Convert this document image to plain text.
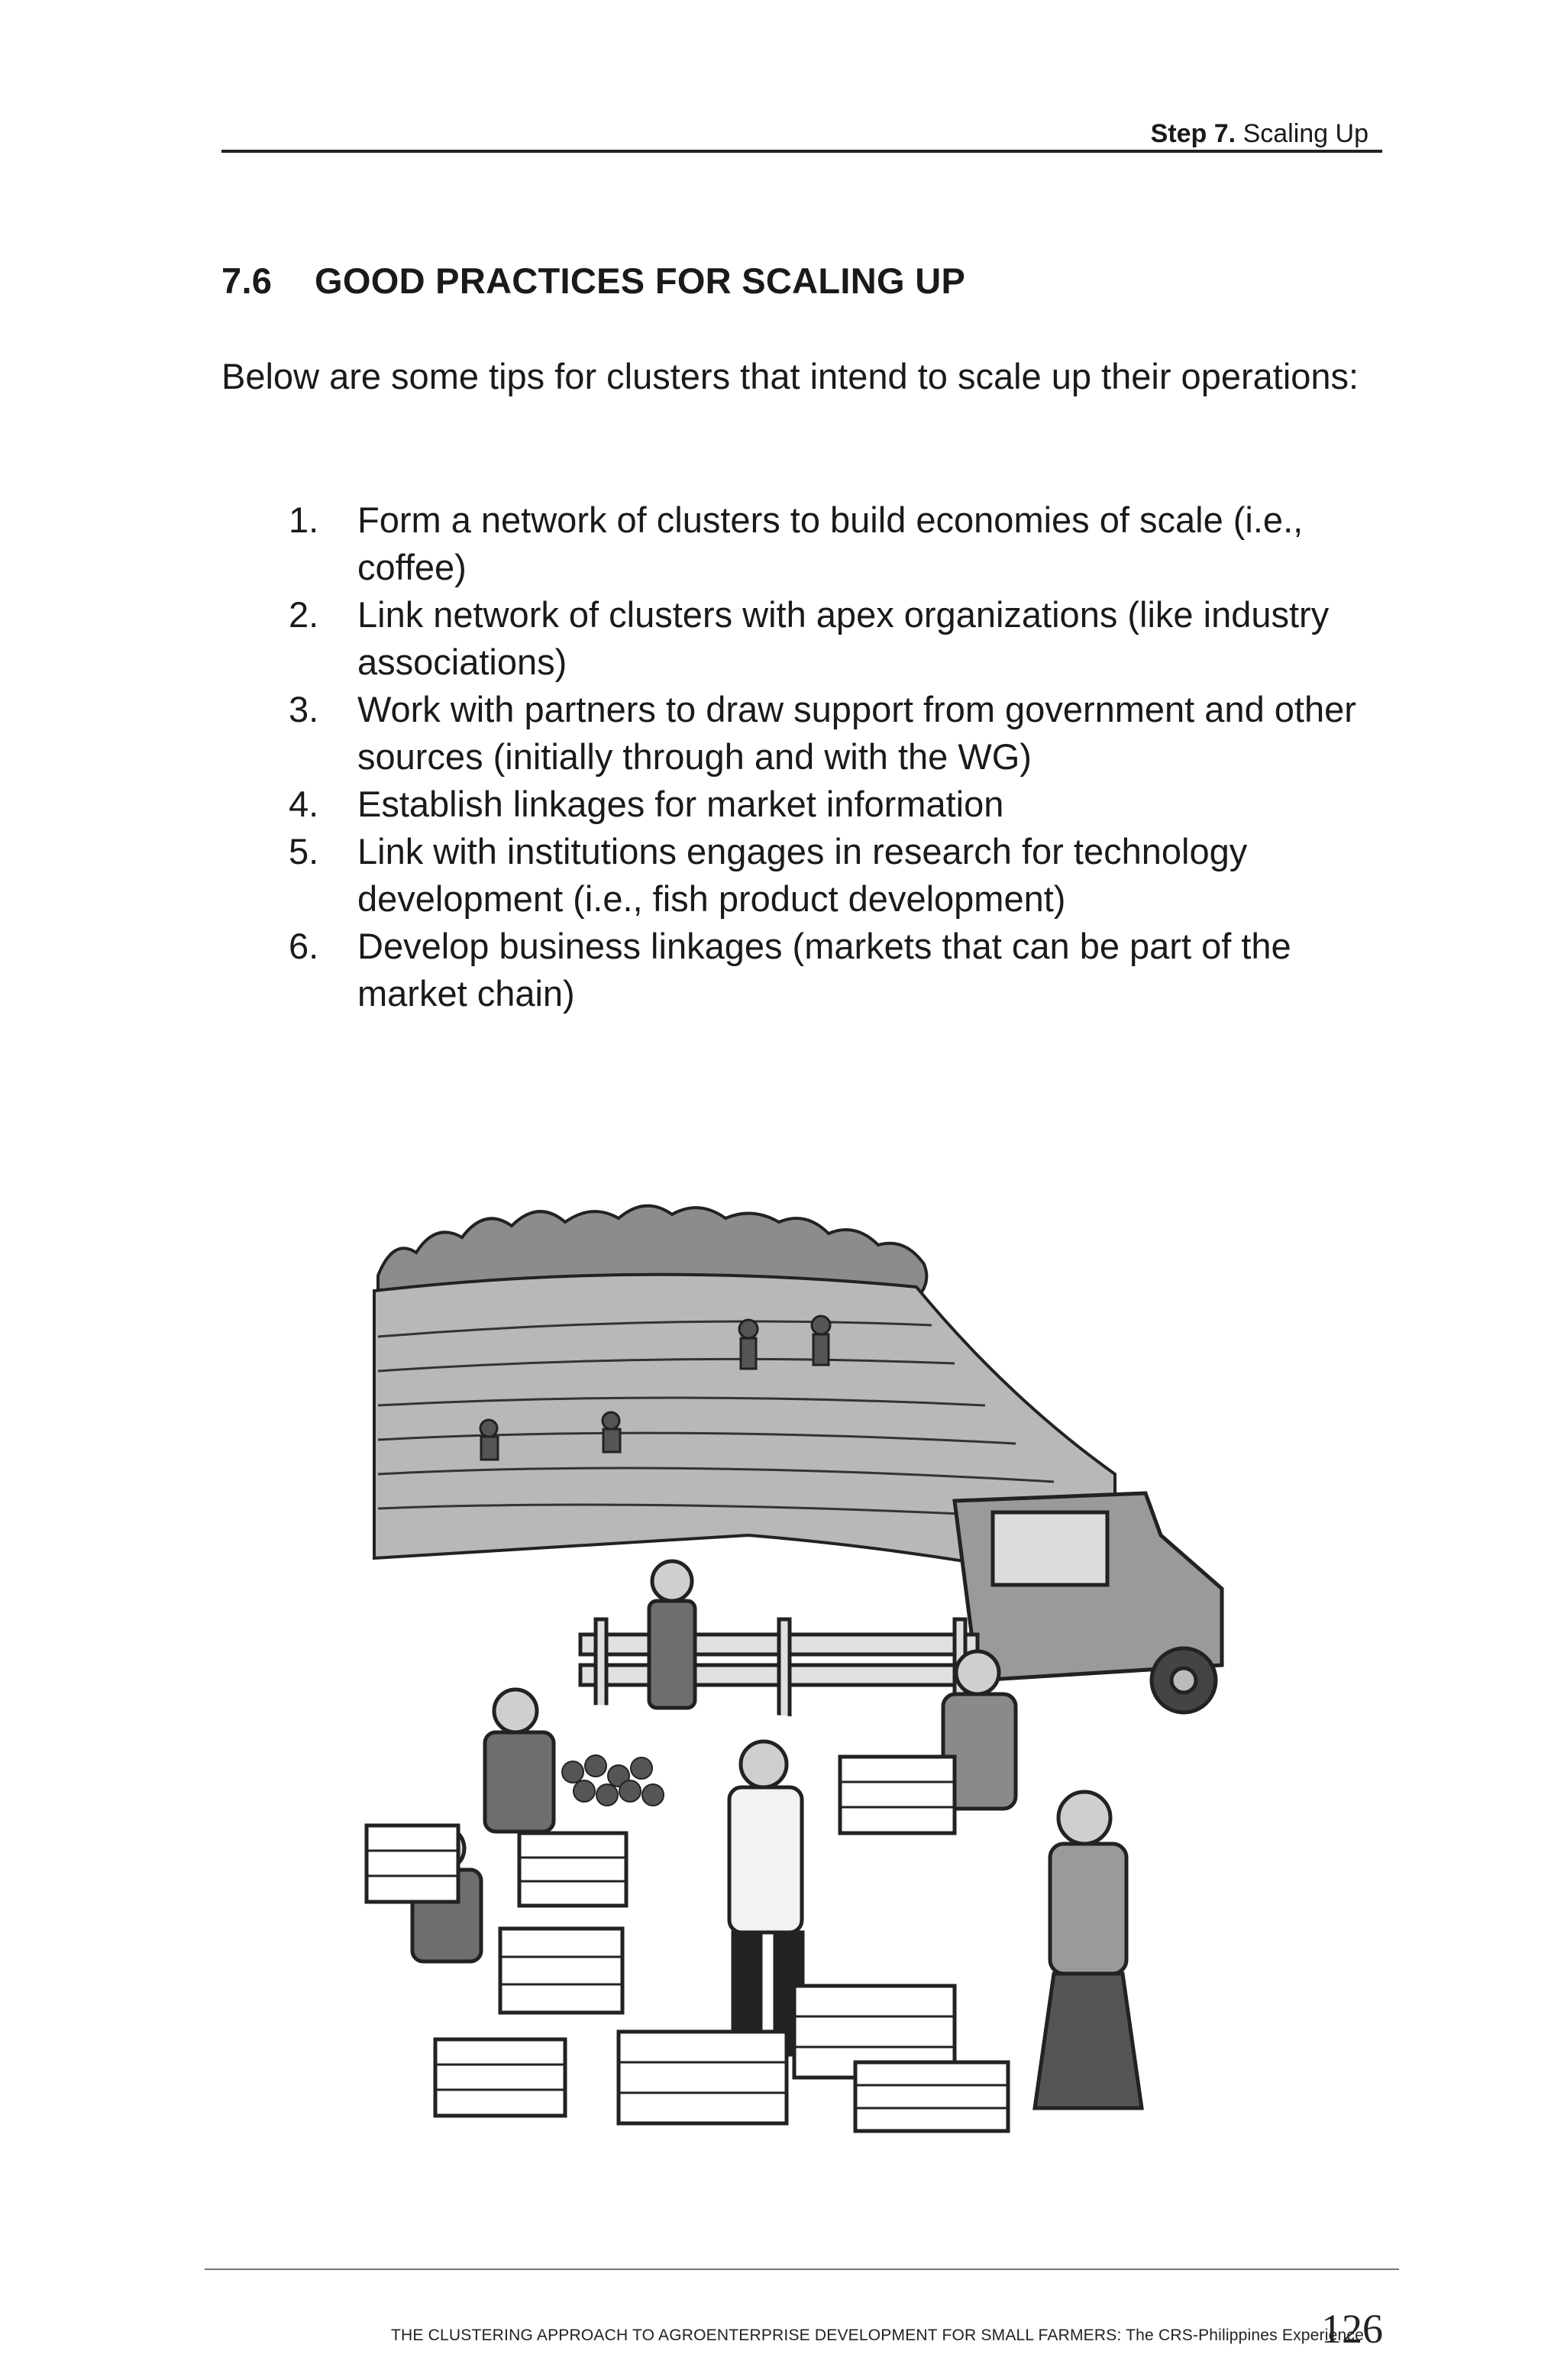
Step 7. Scaling Up
7.6 GOOD PRACTICES FOR SCALING UP

Below are some tips for clusters that intend to scale up their operations:

1. Form a network of clusters to build economies of scale (i.e., coffee)
2. Link network of clusters with apex organizations (like industry associations)
3. Work with partners to draw support from government and other sources (initially through and with the WG)
4. Establish linkages for market information
5. Link with institutions engages in research for technology development (i.e., fish product development)
6. Develop business linkages (markets that can be part of the market chain)
THE CLUSTERING APPROACH TO AGROENTERPRISE DEVELOPMENT FOR SMALL FARMERS: The CRS-Philippines Experience
126
